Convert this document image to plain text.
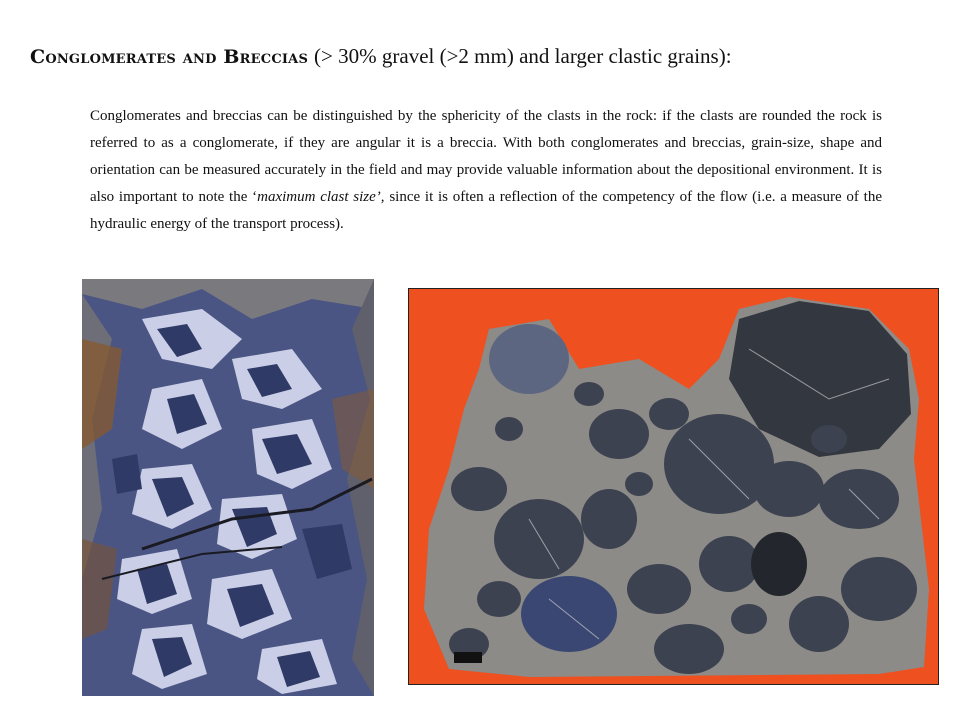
Conglomerates and Breccias (> 30% gravel (>2 mm) and larger clastic grains):

Conglomerates and breccias can be distinguished by the sphericity of the clasts in the rock: if the clasts are rounded the rock is referred to as a conglomerate, if they are angular it is a breccia. With both conglomerates and breccias, grain-size, shape and orientation can be measured accurately in the field and may provide valuable information about the depositional environment. It is also important to note the ‘maximum clast size’, since it is often a reflection of the competency of the flow (i.e. a measure of the hydraulic energy of the transport process).
